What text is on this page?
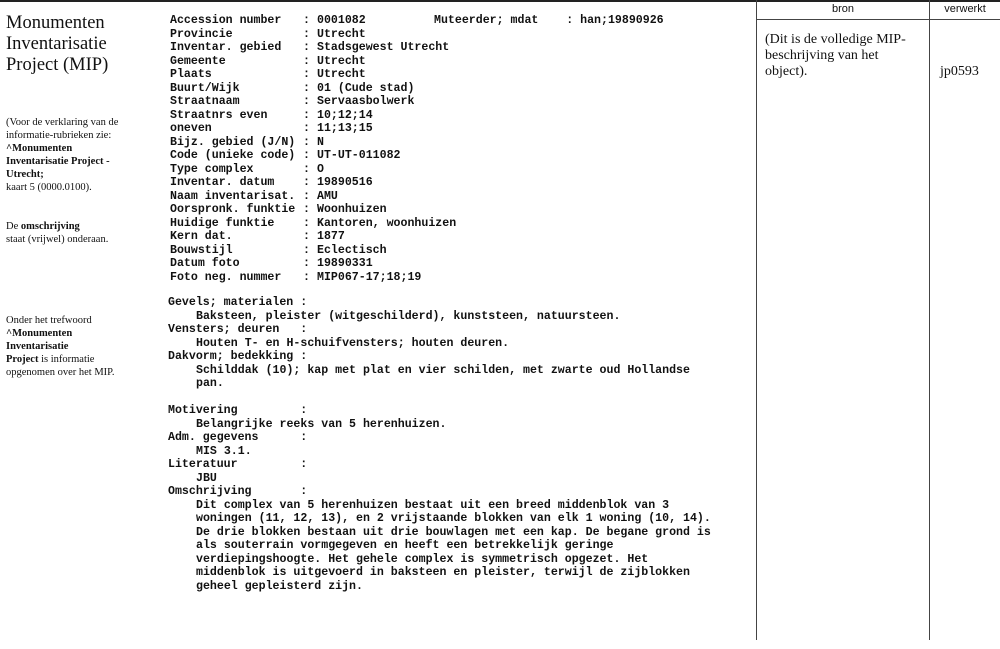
bron	verwerkt
Monumenten Inventarisatie Project (MIP)
(Voor de verklaring van de informatie-rubrieken zie: ^Monumenten Inventarisatie Project - Utrecht;
kaart 5 (0000.0100).
De omschrijving
staat (vrijwel) onderaan.
Onder het trefwoord
^Monumenten Inventarisatie
Project is informatie opgenomen over het MIP.
Accession number	: 0001082
Provincie	: Utrecht
Inventar. gebied	: Stadsgewest Utrecht
Gemeente	: Utrecht
Plaats	: Utrecht
Buurt/Wijk	: 01 (Cude stad)
Straatnaam	: Servaasbolwerk
Straatnrs even	: 10;12;14
oneven	: 11;13;15
Bijz. gebied (J/N) : N
Code (unieke code) : UT-UT-011082
Type complex	: O
Inventar. datum	: 19890516
Naam inventarisat. : AMU
Oorspronk. funktie : Woonhuizen
Huidige funktie	: Kantoren, woonhuizen
Kern dat.	: 1877
Bouwstijl	: Eclectisch
Datum foto	: 19890331
Foto neg. nummer	: MIP067-17;18;19
Muteerder; mdat    : han;19890926
Gevels; materialen :
Baksteen, pleister (witgeschilderd), kunststeen, natuursteen.
Vensters; deuren   :
Houten T- en H-schuifvensters; houten deuren.
Dakvorm; bedekking :
Schilddak (10); kap met plat en vier schilden, met zwarte oud Hollandse
pan.
Motivering         :
Belangrijke reeks van 5 herenhuizen.
Adm. gegevens      :
MIS 3.1.
Literatuur         :
JBU
Omschrijving       :
Dit complex van 5 herenhuizen bestaat uit een breed middenblok van 3
woningen (11, 12, 13), en 2 vrijstaande blokken van elk 1 woning (10, 14).
De drie blokken bestaan uit drie bouwlagen met een kap. De begane grond is
als souterrain vormgegeven en heeft een betrekkelijk geringe
verdiepingshoogte. Het gehele complex is symmetrisch opgezet. Het
middenblok is uitgevoerd in baksteen en pleister, terwijl de zijblokken
geheel gepleisterd zijn.
(Dit is de volledige MIP-beschrijving van het object).	jp0593
